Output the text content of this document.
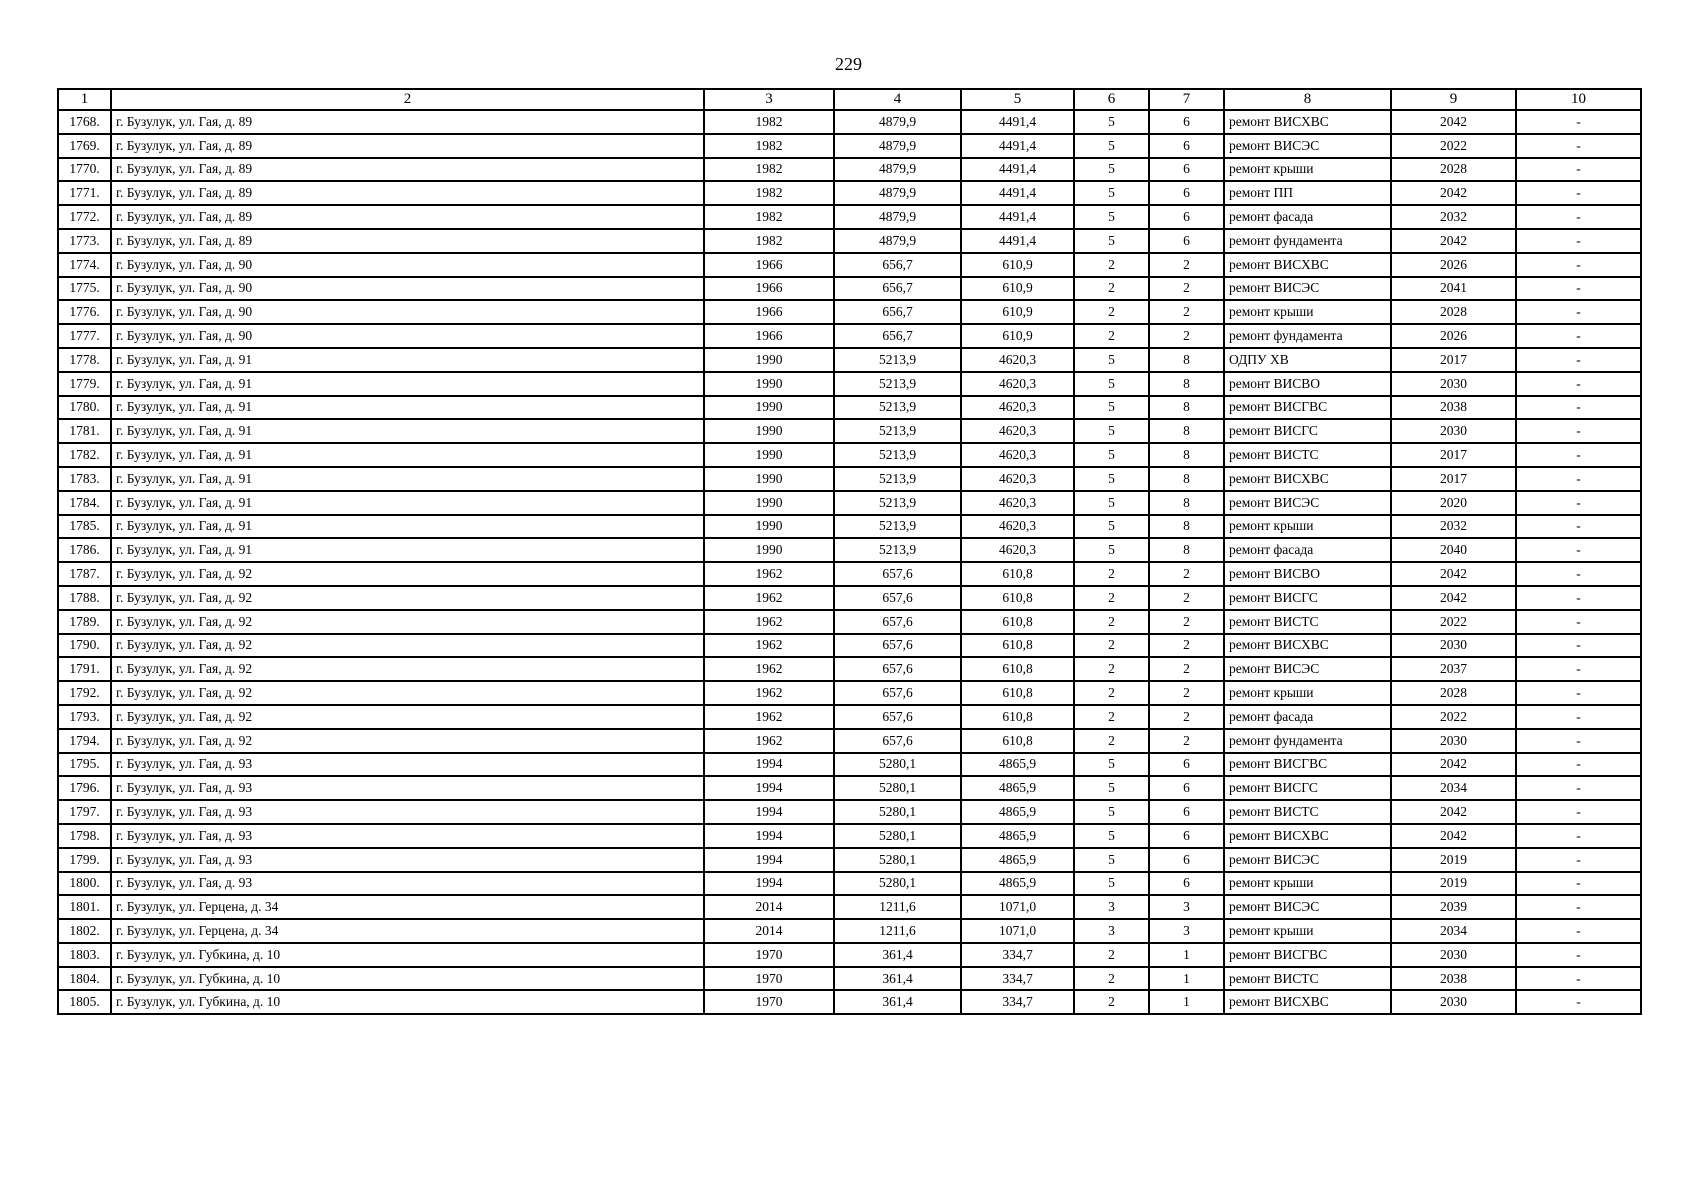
229
1	2	3	4	5	6	7	8	9	10
1768.	г. Бузулук, ул. Гая, д. 89	1982	4879,9	4491,4	5	6	ремонт ВИСХВС	2042	-
1769.	г. Бузулук, ул. Гая, д. 89	1982	4879,9	4491,4	5	6	ремонт ВИСЭС	2022	-
1770.	г. Бузулук, ул. Гая, д. 89	1982	4879,9	4491,4	5	6	ремонт крыши	2028	-
1771.	г. Бузулук, ул. Гая, д. 89	1982	4879,9	4491,4	5	6	ремонт ПП	2042	-
1772.	г. Бузулук, ул. Гая, д. 89	1982	4879,9	4491,4	5	6	ремонт фасада	2032	-
1773.	г. Бузулук, ул. Гая, д. 89	1982	4879,9	4491,4	5	6	ремонт фундамента	2042	-
1774.	г. Бузулук, ул. Гая, д. 90	1966	656,7	610,9	2	2	ремонт ВИСХВС	2026	-
1775.	г. Бузулук, ул. Гая, д. 90	1966	656,7	610,9	2	2	ремонт ВИСЭС	2041	-
1776.	г. Бузулук, ул. Гая, д. 90	1966	656,7	610,9	2	2	ремонт крыши	2028	-
1777.	г. Бузулук, ул. Гая, д. 90	1966	656,7	610,9	2	2	ремонт фундамента	2026	-
1778.	г. Бузулук, ул. Гая, д. 91	1990	5213,9	4620,3	5	8	ОДПУ ХВ	2017	-
1779.	г. Бузулук, ул. Гая, д. 91	1990	5213,9	4620,3	5	8	ремонт ВИСВО	2030	-
1780.	г. Бузулук, ул. Гая, д. 91	1990	5213,9	4620,3	5	8	ремонт ВИСГВС	2038	-
1781.	г. Бузулук, ул. Гая, д. 91	1990	5213,9	4620,3	5	8	ремонт ВИСГС	2030	-
1782.	г. Бузулук, ул. Гая, д. 91	1990	5213,9	4620,3	5	8	ремонт ВИСТС	2017	-
1783.	г. Бузулук, ул. Гая, д. 91	1990	5213,9	4620,3	5	8	ремонт ВИСХВС	2017	-
1784.	г. Бузулук, ул. Гая, д. 91	1990	5213,9	4620,3	5	8	ремонт ВИСЭС	2020	-
1785.	г. Бузулук, ул. Гая, д. 91	1990	5213,9	4620,3	5	8	ремонт крыши	2032	-
1786.	г. Бузулук, ул. Гая, д. 91	1990	5213,9	4620,3	5	8	ремонт фасада	2040	-
1787.	г. Бузулук, ул. Гая, д. 92	1962	657,6	610,8	2	2	ремонт ВИСВО	2042	-
1788.	г. Бузулук, ул. Гая, д. 92	1962	657,6	610,8	2	2	ремонт ВИСГС	2042	-
1789.	г. Бузулук, ул. Гая, д. 92	1962	657,6	610,8	2	2	ремонт ВИСТС	2022	-
1790.	г. Бузулук, ул. Гая, д. 92	1962	657,6	610,8	2	2	ремонт ВИСХВС	2030	-
1791.	г. Бузулук, ул. Гая, д. 92	1962	657,6	610,8	2	2	ремонт ВИСЭС	2037	-
1792.	г. Бузулук, ул. Гая, д. 92	1962	657,6	610,8	2	2	ремонт крыши	2028	-
1793.	г. Бузулук, ул. Гая, д. 92	1962	657,6	610,8	2	2	ремонт фасада	2022	-
1794.	г. Бузулук, ул. Гая, д. 92	1962	657,6	610,8	2	2	ремонт фундамента	2030	-
1795.	г. Бузулук, ул. Гая, д. 93	1994	5280,1	4865,9	5	6	ремонт ВИСГВС	2042	-
1796.	г. Бузулук, ул. Гая, д. 93	1994	5280,1	4865,9	5	6	ремонт ВИСГС	2034	-
1797.	г. Бузулук, ул. Гая, д. 93	1994	5280,1	4865,9	5	6	ремонт ВИСТС	2042	-
1798.	г. Бузулук, ул. Гая, д. 93	1994	5280,1	4865,9	5	6	ремонт ВИСХВС	2042	-
1799.	г. Бузулук, ул. Гая, д. 93	1994	5280,1	4865,9	5	6	ремонт ВИСЭС	2019	-
1800.	г. Бузулук, ул. Гая, д. 93	1994	5280,1	4865,9	5	6	ремонт крыши	2019	-
1801.	г. Бузулук, ул. Герцена, д. 34	2014	1211,6	1071,0	3	3	ремонт ВИСЭС	2039	-
1802.	г. Бузулук, ул. Герцена, д. 34	2014	1211,6	1071,0	3	3	ремонт крыши	2034	-
1803.	г. Бузулук, ул. Губкина, д. 10	1970	361,4	334,7	2	1	ремонт ВИСГВС	2030	-
1804.	г. Бузулук, ул. Губкина, д. 10	1970	361,4	334,7	2	1	ремонт ВИСТС	2038	-
1805.	г. Бузулук, ул. Губкина, д. 10	1970	361,4	334,7	2	1	ремонт ВИСХВС	2030	-
